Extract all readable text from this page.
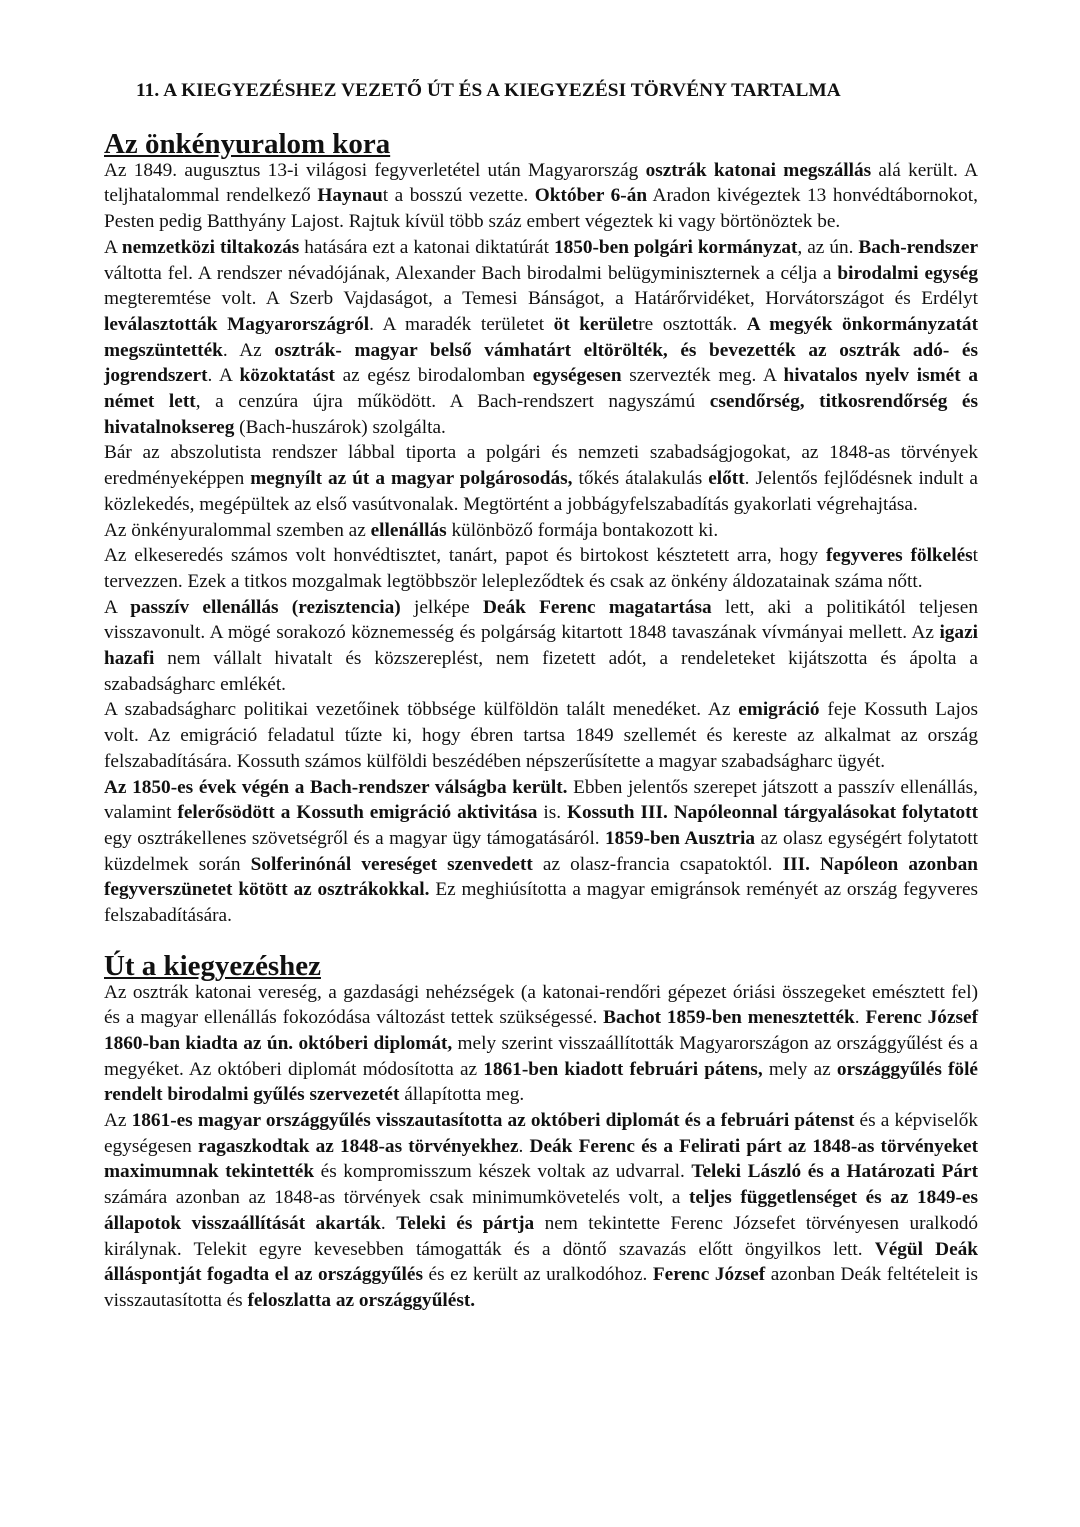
11. A KIEGYEZÉSHEZ VEZETŐ ÚT ÉS A KIEGYEZÉSI TÖRVÉNY TARTALMA
Az önkényuralom kora

Az 1849. augusztus 13-i világosi fegyverletétel után Magyarország osztrák katonai megszállás alá került. A teljhatalommal rendelkező Haynaut a bosszú vezette. Október 6-án Aradon kivégeztek 13 honvédtábornokot, Pesten pedig Batthyány Lajost. Rajtuk kívül több száz embert végeztek ki vagy börtönöztek be.

A nemzetközi tiltakozás hatására ezt a katonai diktatúrát 1850-ben polgári kormányzat, az ún. Bach-rendszer váltotta fel. A rendszer névadójának, Alexander Bach birodalmi belügyminiszternek a célja a birodalmi egység megteremtése volt. A Szerb Vajdaságot, a Temesi Bánságot, a Határőrvidéket, Horvátországot és Erdélyt leválasztották Magyarországról. A maradék területet öt kerületre osztották. A megyék önkormányzatát megszüntették. Az osztrák- magyar belső vámhatárt eltörölték, és bevezették az osztrák adó- és jogrendszert. A közoktatást az egész birodalomban egységesen szervezték meg. A hivatalos nyelv ismét a német lett, a cenzúra újra működött. A Bach-rendszert nagyszámú csendőrség, titkosrendőrség és hivatalnoksereg (Bach-huszárok) szolgálta.

Bár az abszolutista rendszer lábbal tiporta a polgári és nemzeti szabadságjogokat, az 1848-as törvények eredményeképpen megnyílt az út a magyar polgárosodás, tőkés átalakulás előtt. Jelentős fejlődésnek indult a közlekedés, megépültek az első vasútvonalak. Megtörtént a jobbágyfelszabadítás gyakorlati végrehajtása.

Az önkényuralommal szemben az ellenállás különböző formája bontakozott ki.

Az elkeseredés számos volt honvédtisztet, tanárt, papot és birtokost késztetett arra, hogy fegyveres fölkelést tervezzen. Ezek a titkos mozgalmak legtöbbször lelepleződtek és csak az önkény áldozatainak száma nőtt.

A passzív ellenállás (rezisztencia) jelképe Deák Ferenc magatartása lett, aki a politikától teljesen visszavonult. A mögé sorakozó köznemesség és polgárság kitartott 1848 tavaszának vívmányai mellett. Az igazi hazafi nem vállalt hivatalt és közszereplést, nem fizetett adót, a rendeleteket kijátszotta és ápolta a szabadságharc emlékét.

A szabadságharc politikai vezetőinek többsége külföldön talált menedéket. Az emigráció feje Kossuth Lajos volt. Az emigráció feladatul tűzte ki, hogy ébren tartsa 1849 szellemét és kereste az alkalmat az ország felszabadítására. Kossuth számos külföldi beszédében népszerűsítette a magyar szabadságharc ügyét.

Az 1850-es évek végén a Bach-rendszer válságba került. Ebben jelentős szerepet játszott a passzív ellenállás, valamint felerősödött a Kossuth emigráció aktivitása is. Kossuth III. Napóleonnal tárgyalásokat folytatott egy osztrákellenes szövetségről és a magyar ügy támogatásáról. 1859-ben Ausztria az olasz egységért folytatott küzdelmek során Solferinónál vereséget szenvedett az olasz-francia csapatoktól. III. Napóleon azonban fegyverszünetet kötött az osztrákokkal. Ez meghiúsította a magyar emigránsok reményét az ország fegyveres felszabadítására.

Út a kiegyezéshez

Az osztrák katonai vereség, a gazdasági nehézségek (a katonai-rendőri gépezet óriási összegeket emésztett fel) és a magyar ellenállás fokozódása változást tettek szükségessé. Bachot 1859-ben menesztették. Ferenc József 1860-ban kiadta az ún. októberi diplomát, mely szerint visszaállították Magyarországon az országgyűlést és a megyéket. Az októberi diplomát módosította az 1861-ben kiadott februári pátens, mely az országgyűlés fölé rendelt birodalmi gyűlés szervezetét állapította meg.

Az 1861-es magyar országgyűlés visszautasította az októberi diplomát és a februári pátenst és a képviselők egységesen ragaszkodtak az 1848-as törvényekhez. Deák Ferenc és a Felirati párt az 1848-as törvényeket maximumnak tekintették és kompromisszum készek voltak az udvarral. Teleki László és a Határozati Párt számára azonban az 1848-as törvények csak minimumkövetelés volt, a teljes függetlenséget és az 1849-es állapotok visszaállítását akarták. Teleki és pártja nem tekintette Ferenc Józsefet törvényesen uralkodó királynak. Telekit egyre kevesebben támogatták és a döntő szavazás előtt öngyilkos lett. Végül Deák álláspontját fogadta el az országgyűlés és ez került az uralkodóhoz. Ferenc József azonban Deák feltételeit is visszautasította és feloszlatta az országgyűlést.
